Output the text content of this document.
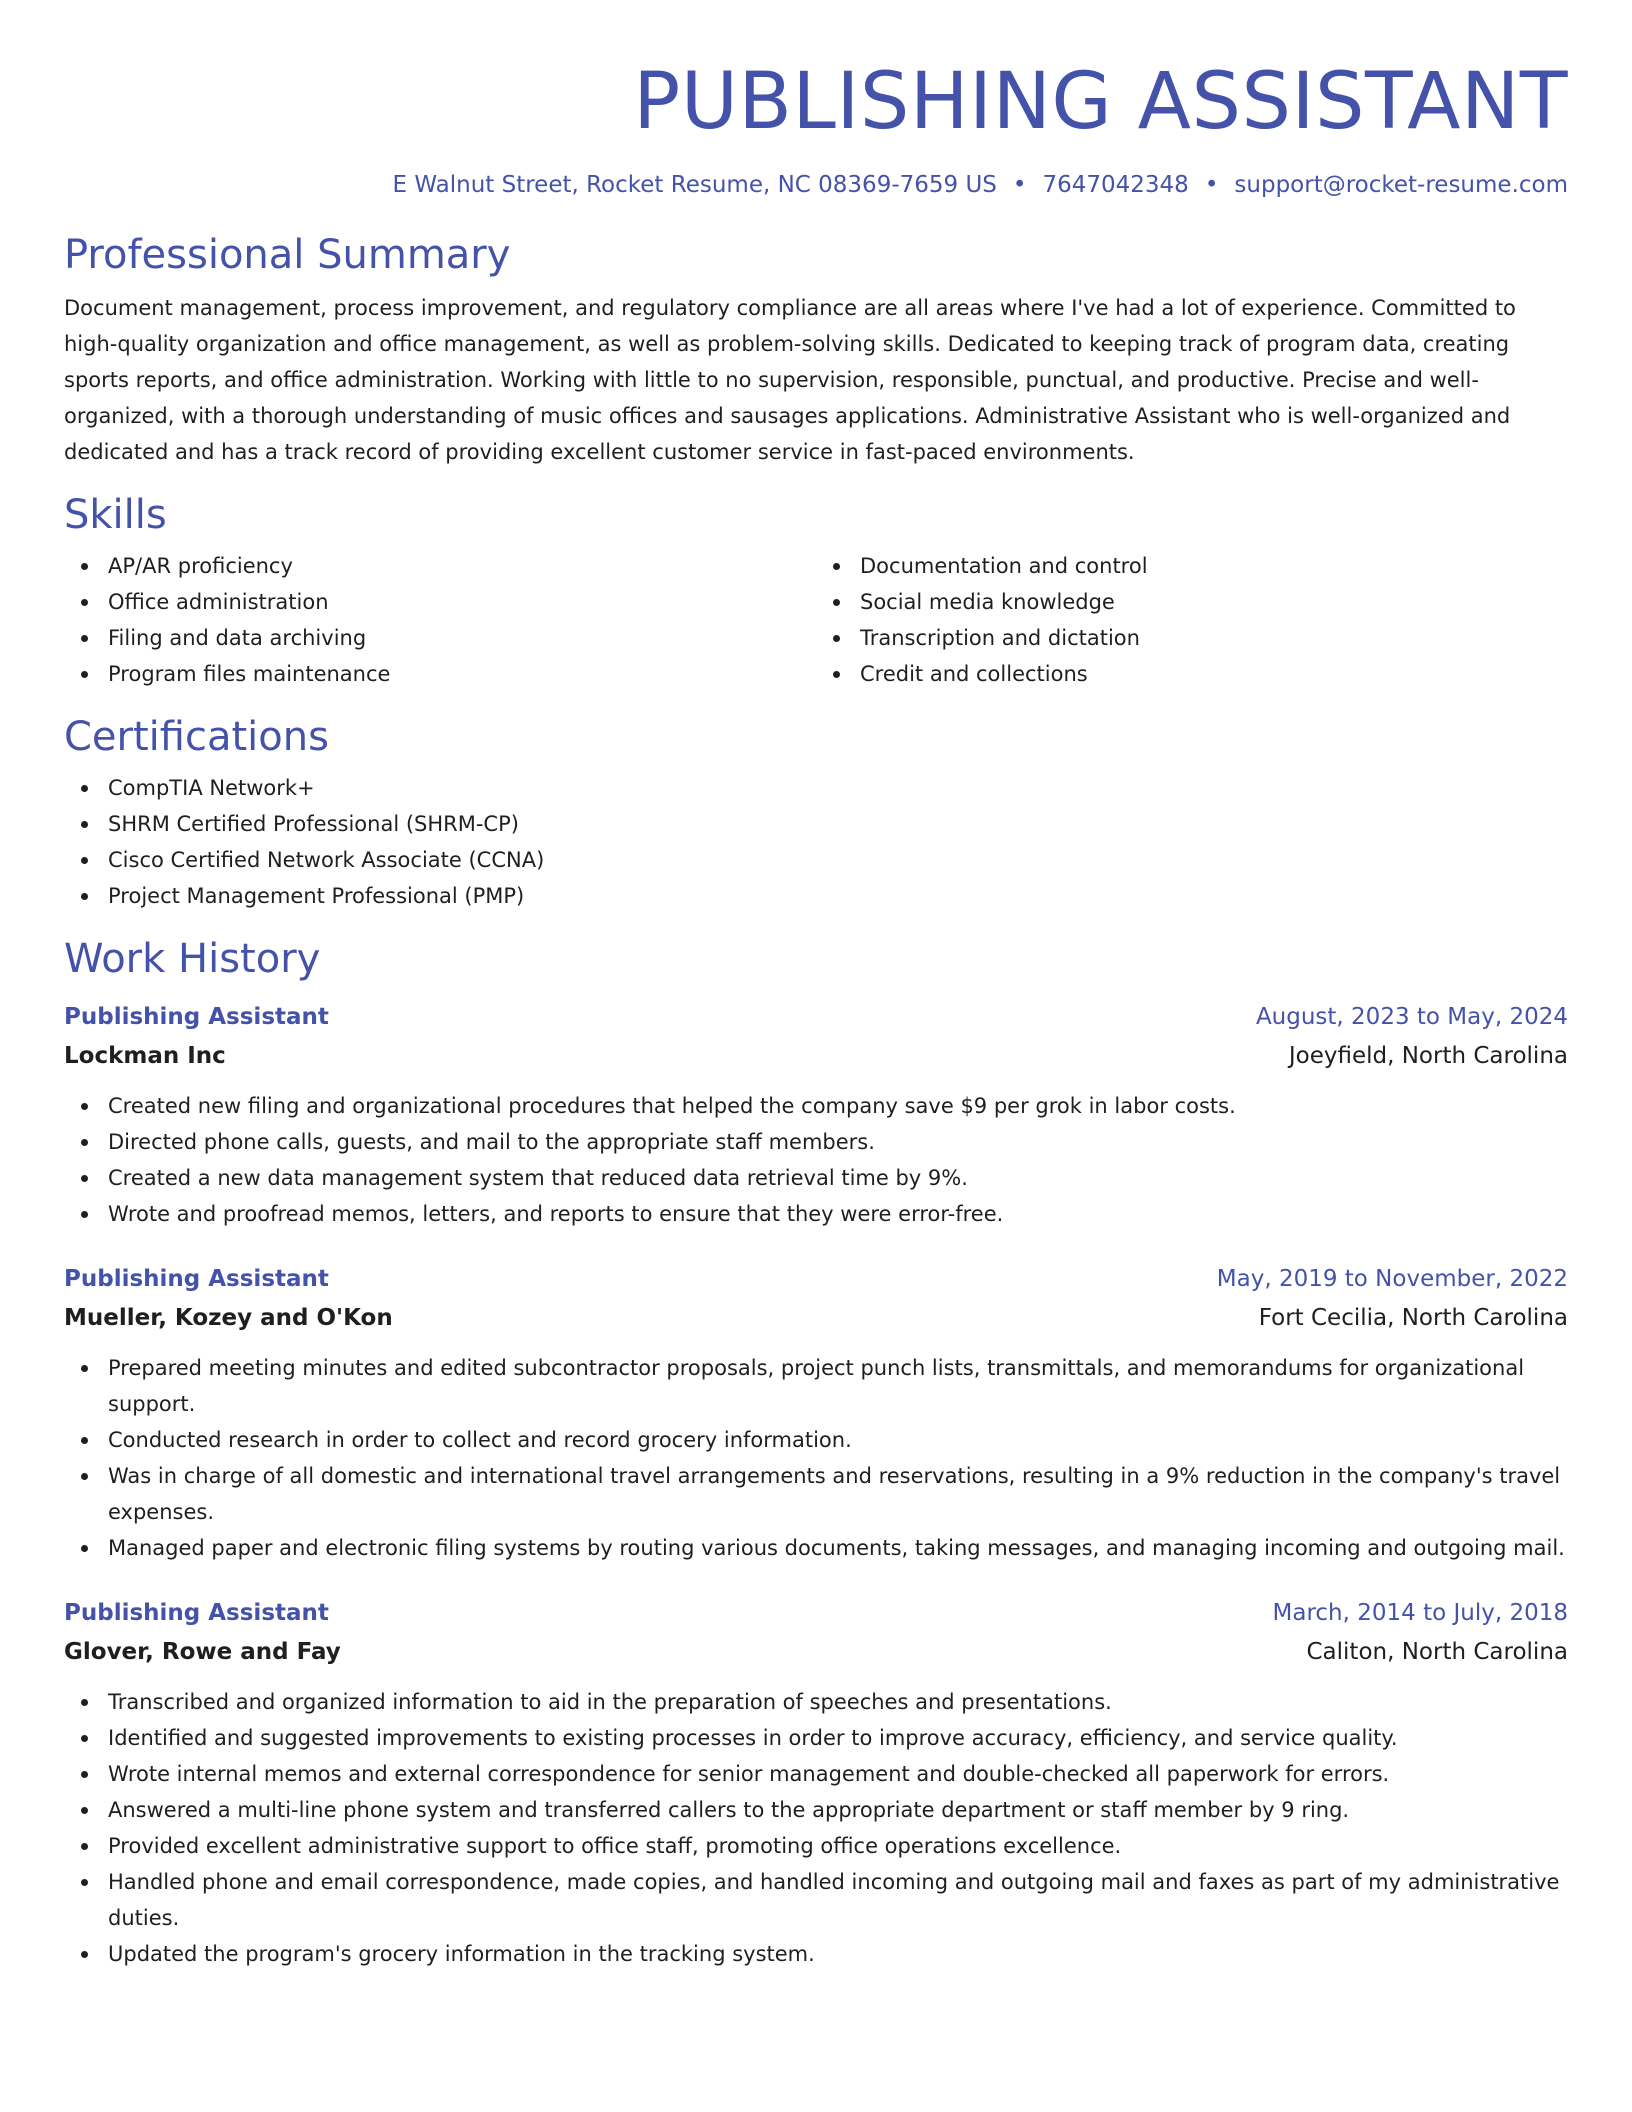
PUBLISHING ASSISTANT
E Walnut Street, Rocket Resume, NC 08369-7659 US • 7647042348 • support@rocket-resume.com
Professional Summary

Document management, process improvement, and regulatory compliance are all areas where I've had a lot of experience. Committed to high-quality organization and office management, as well as problem-solving skills. Dedicated to keeping track of program data, creating sports reports, and office administration. Working with little to no supervision, responsible, punctual, and productive. Precise and well-organized, with a thorough understanding of music offices and sausages applications. Administrative Assistant who is well-organized and dedicated and has a track record of providing excellent customer service in fast-paced environments.

Skills
AP/AR proficiency
Office administration
Filing and data archiving
Program files maintenance
Documentation and control
Social media knowledge
Transcription and dictation
Credit and collections
Certifications
CompTIA Network+
SHRM Certified Professional (SHRM-CP)
Cisco Certified Network Associate (CCNA)
Project Management Professional (PMP)
Work History
Publishing Assistant	August, 2023 to May, 2024
Lockman Inc	Joeyfield, North Carolina
Created new filing and organizational procedures that helped the company save $9 per grok in labor costs.
Directed phone calls, guests, and mail to the appropriate staff members.
Created a new data management system that reduced data retrieval time by 9%.
Wrote and proofread memos, letters, and reports to ensure that they were error-free.
Publishing Assistant	May, 2019 to November, 2022
Mueller, Kozey and O'Kon	Fort Cecilia, North Carolina
Prepared meeting minutes and edited subcontractor proposals, project punch lists, transmittals, and memorandums for organizational support.
Conducted research in order to collect and record grocery information.
Was in charge of all domestic and international travel arrangements and reservations, resulting in a 9% reduction in the company's travel expenses.
Managed paper and electronic filing systems by routing various documents, taking messages, and managing incoming and outgoing mail.
Publishing Assistant	March, 2014 to July, 2018
Glover, Rowe and Fay	Caliton, North Carolina
Transcribed and organized information to aid in the preparation of speeches and presentations.
Identified and suggested improvements to existing processes in order to improve accuracy, efficiency, and service quality.
Wrote internal memos and external correspondence for senior management and double-checked all paperwork for errors.
Answered a multi-line phone system and transferred callers to the appropriate department or staff member by 9 ring.
Provided excellent administrative support to office staff, promoting office operations excellence.
Handled phone and email correspondence, made copies, and handled incoming and outgoing mail and faxes as part of my administrative duties.
Updated the program's grocery information in the tracking system.
